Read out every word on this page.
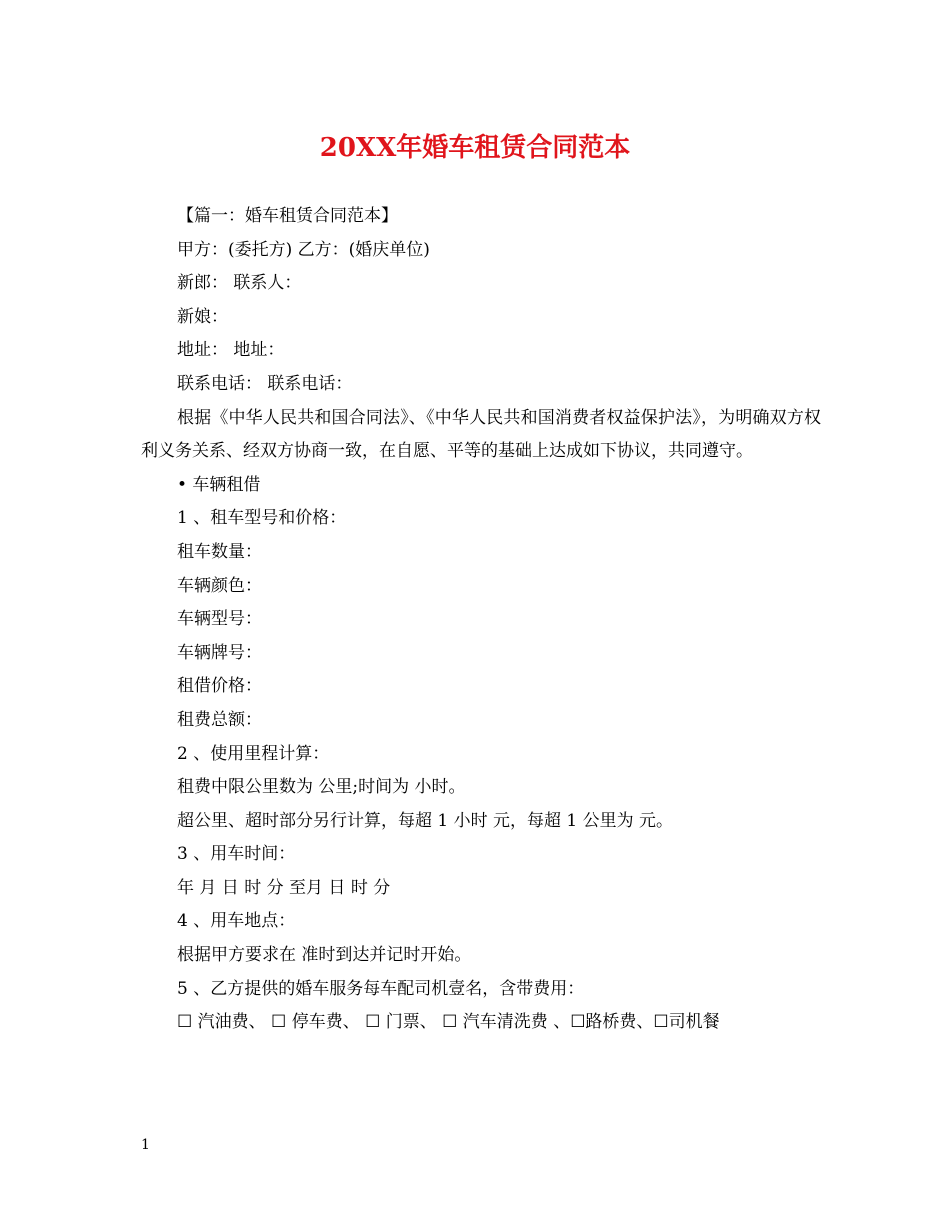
20XX年婚车租赁合同范本
【篇一：婚车租赁合同范本】
甲方：(委托方) 乙方：(婚庆单位)
新郎： 联系人：
新娘：
地址： 地址：
联系电话： 联系电话：
根据《中华人民共和国合同法》、《中华人民共和国消费者权益保护法》，为明确双方权利义务关系、经双方协商一致，在自愿、平等的基础上达成如下协议，共同遵守。
• 车辆租借
1 、租车型号和价格：
租车数量：
车辆颜色：
车辆型号：
车辆牌号：
租借价格：
租费总额：
2 、使用里程计算：
租费中限公里数为 公里;时间为 小时。
超公里、超时部分另行计算，每超 1 小时 元，每超 1 公里为 元。
3 、用车时间：
年 月 日 时 分 至月 日 时 分
4 、用车地点：
根据甲方要求在 准时到达并记时开始。
5 、乙方提供的婚车服务每车配司机壹名，含带费用：
☐ 汽油费、 ☐ 停车费、 ☐ 门票、 ☐ 汽车清洗费 、☐路桥费、☐司机餐
1
